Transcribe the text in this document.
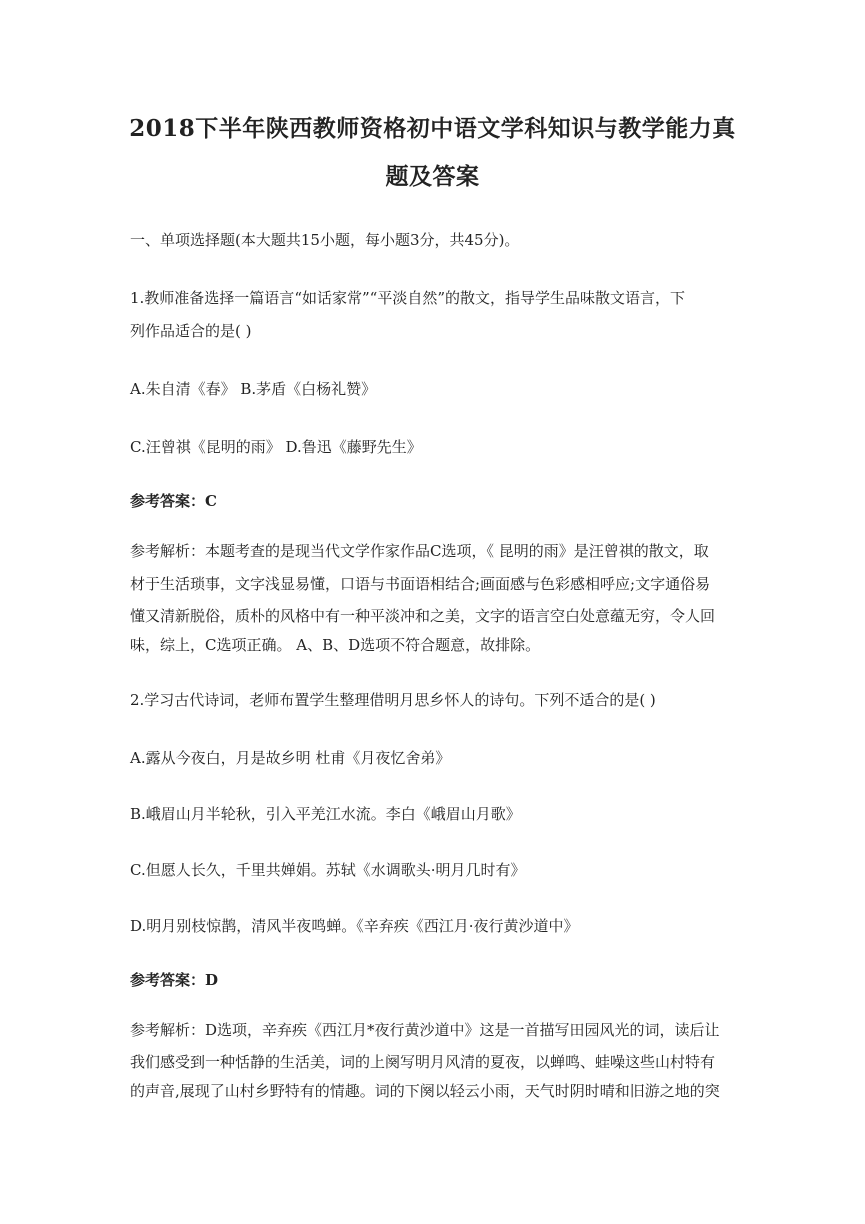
2018下半年陕西教师资格初中语文学科知识与教学能力真
题及答案
一、单项选择题(本大题共15小题，每小题3分，共45分)。
1.教师准备选择一篇语言“如话家常”“平淡自然”的散文，指导学生品味散文语言，下
列作品适合的是( )
A.朱自清《春》 B.茅盾《白杨礼赞》
C.汪曾祺《昆明的雨》 D.鲁迅《藤野先生》
参考答案：C
参考解析：本题考查的是现当代文学作家作品C选项，《 昆明的雨》是汪曾祺的散文，取
材于生活琐事，文字浅显易懂，口语与书面语相结合;画面感与色彩感相呼应;文字通俗易
懂又清新脱俗，质朴的风格中有一种平淡冲和之美，文字的语言空白处意蕴无穷，令人回
味，综上，C选项正确。 A、B、D选项不符合题意，故排除。
2.学习古代诗词，老师布置学生整理借明月思乡怀人的诗句。下列不适合的是( )
A.露从今夜白，月是故乡明 杜甫《月夜忆舍弟》
B.峨眉山月半轮秋，引入平羌江水流。李白《峨眉山月歌》
C.但愿人长久，千里共婵娟。苏轼《水调歌头·明月几时有》
D.明月别枝惊鹊，清风半夜鸣蝉。《辛弃疾《西江月·夜行黄沙道中》
参考答案：D
参考解析：D选项，辛弃疾《西江月*夜行黄沙道中》这是一首描写田园风光的词，读后让
我们感受到一种恬静的生活美，词的上阕写明月风清的夏夜，以蝉鸣、蛙噪这些山村特有
的声音,展现了山村乡野特有的情趣。词的下阕以轻云小雨，天气时阴时晴和旧游之地的突
